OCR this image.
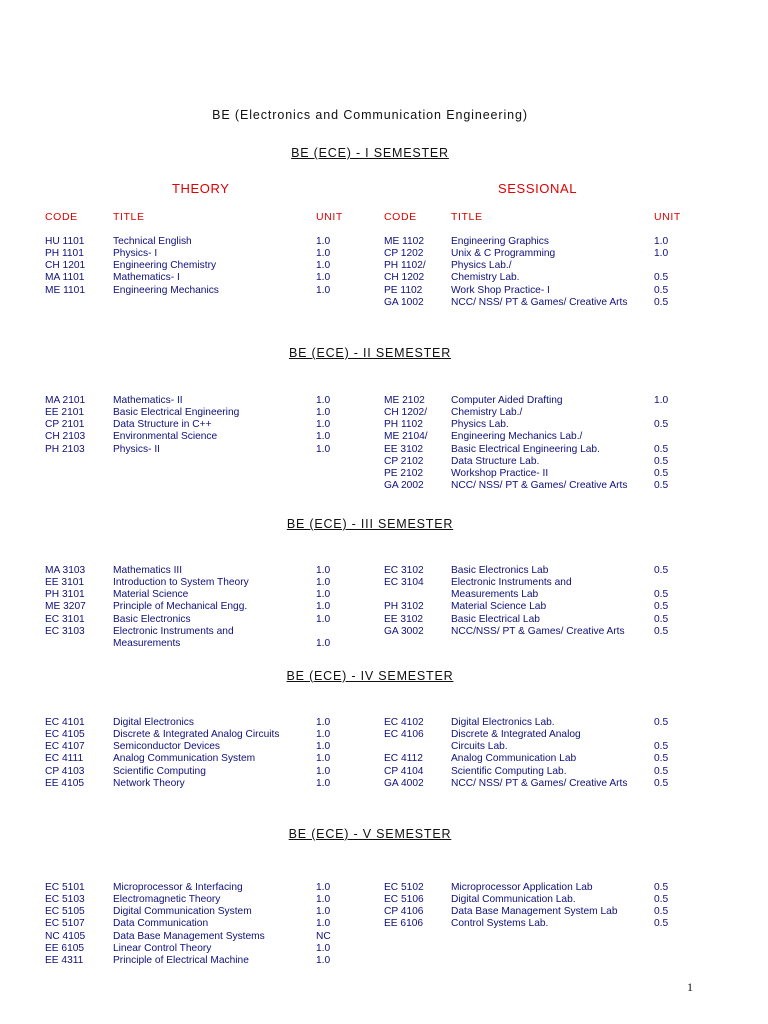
BE (Electronics and Communication Engineering)
THEORY	SESSIONAL
CODE	TITLE	UNIT	CODE	TITLE	UNIT
BE (ECE) - I SEMESTER
HU 1101	Technical English	1.0
PH 1101	Physics- I	1.0
CH 1201	Engineering Chemistry	1.0
MA 1101	Mathematics- I	1.0
ME 1101	Engineering Mechanics	1.0
ME 1102	Engineering Graphics	1.0
CP 1202	Unix & C Programming	1.0
PH 1102/ Physics Lab./
CH 1202	Chemistry Lab.	0.5
PE 1102	Work Shop Practice- I	0.5
GA 1002	NCC/ NSS/ PT & Games/ Creative Arts	0.5
BE (ECE) - II SEMESTER
MA 2101	Mathematics- II	1.0
EE 2101	Basic Electrical Engineering	1.0
CP 2101	Data Structure in C++	1.0
CH 2103	Environmental Science	1.0
PH 2103	Physics- II	1.0
ME 2102	Computer Aided Drafting	1.0
CH 1202/ Chemistry Lab./
PH 1102	Physics Lab.	0.5
ME 2104/ Engineering Mechanics Lab./
EE 3102	Basic Electrical Engineering Lab.	0.5
CP 2102	Data Structure Lab.	0.5
PE 2102	Workshop Practice- II	0.5
GA 2002	NCC/ NSS/ PT & Games/ Creative Arts	0.5
BE (ECE) - III SEMESTER
MA 3103	Mathematics III	1.0
EE 3101	Introduction to System Theory	1.0
PH 3101	Material Science	1.0
ME 3207	Principle of Mechanical Engg.	1.0
EC 3101	Basic Electronics	1.0
EC 3103	Electronic Instruments and
Measurements	1.0
EC 3102	Basic Electronics Lab	0.5
EC 3104	Electronic Instruments and
Measurements Lab	0.5
PH 3102	Material Science Lab	0.5
EE 3102	Basic Electrical Lab	0.5
GA 3002	NCC/NSS/ PT & Games/ Creative Arts	0.5
BE (ECE) - IV SEMESTER
EC 4101	Digital Electronics	1.0
EC 4105	Discrete & Integrated Analog Circuits	1.0
EC 4107	Semiconductor Devices	1.0
EC 4111	Analog Communication System	1.0
CP 4103	Scientific Computing	1.0
EE 4105	Network Theory	1.0
EC 4102	Digital Electronics Lab.	0.5
EC 4106	Discrete & Integrated Analog
Circuits Lab.	0.5
EC 4112	Analog Communication Lab	0.5
CP 4104	Scientific Computing Lab.	0.5
GA 4002	NCC/ NSS/ PT & Games/ Creative Arts	0.5
BE (ECE) - V SEMESTER
EC 5101	Microprocessor & Interfacing	1.0
EC 5103	Electromagnetic Theory	1.0
EC 5105	Digital Communication System	1.0
EC 5107	Data Communication	1.0
NC 4105	Data Base Management Systems	NC
EE 6105	Linear Control Theory	1.0
EE 4311	Principle of Electrical Machine	1.0
EC 5102	Microprocessor Application Lab	0.5
EC 5106	Digital Communication Lab.	0.5
CP 4106	Data Base Management System Lab	0.5
EE 6106	Control Systems Lab.	0.5
1
